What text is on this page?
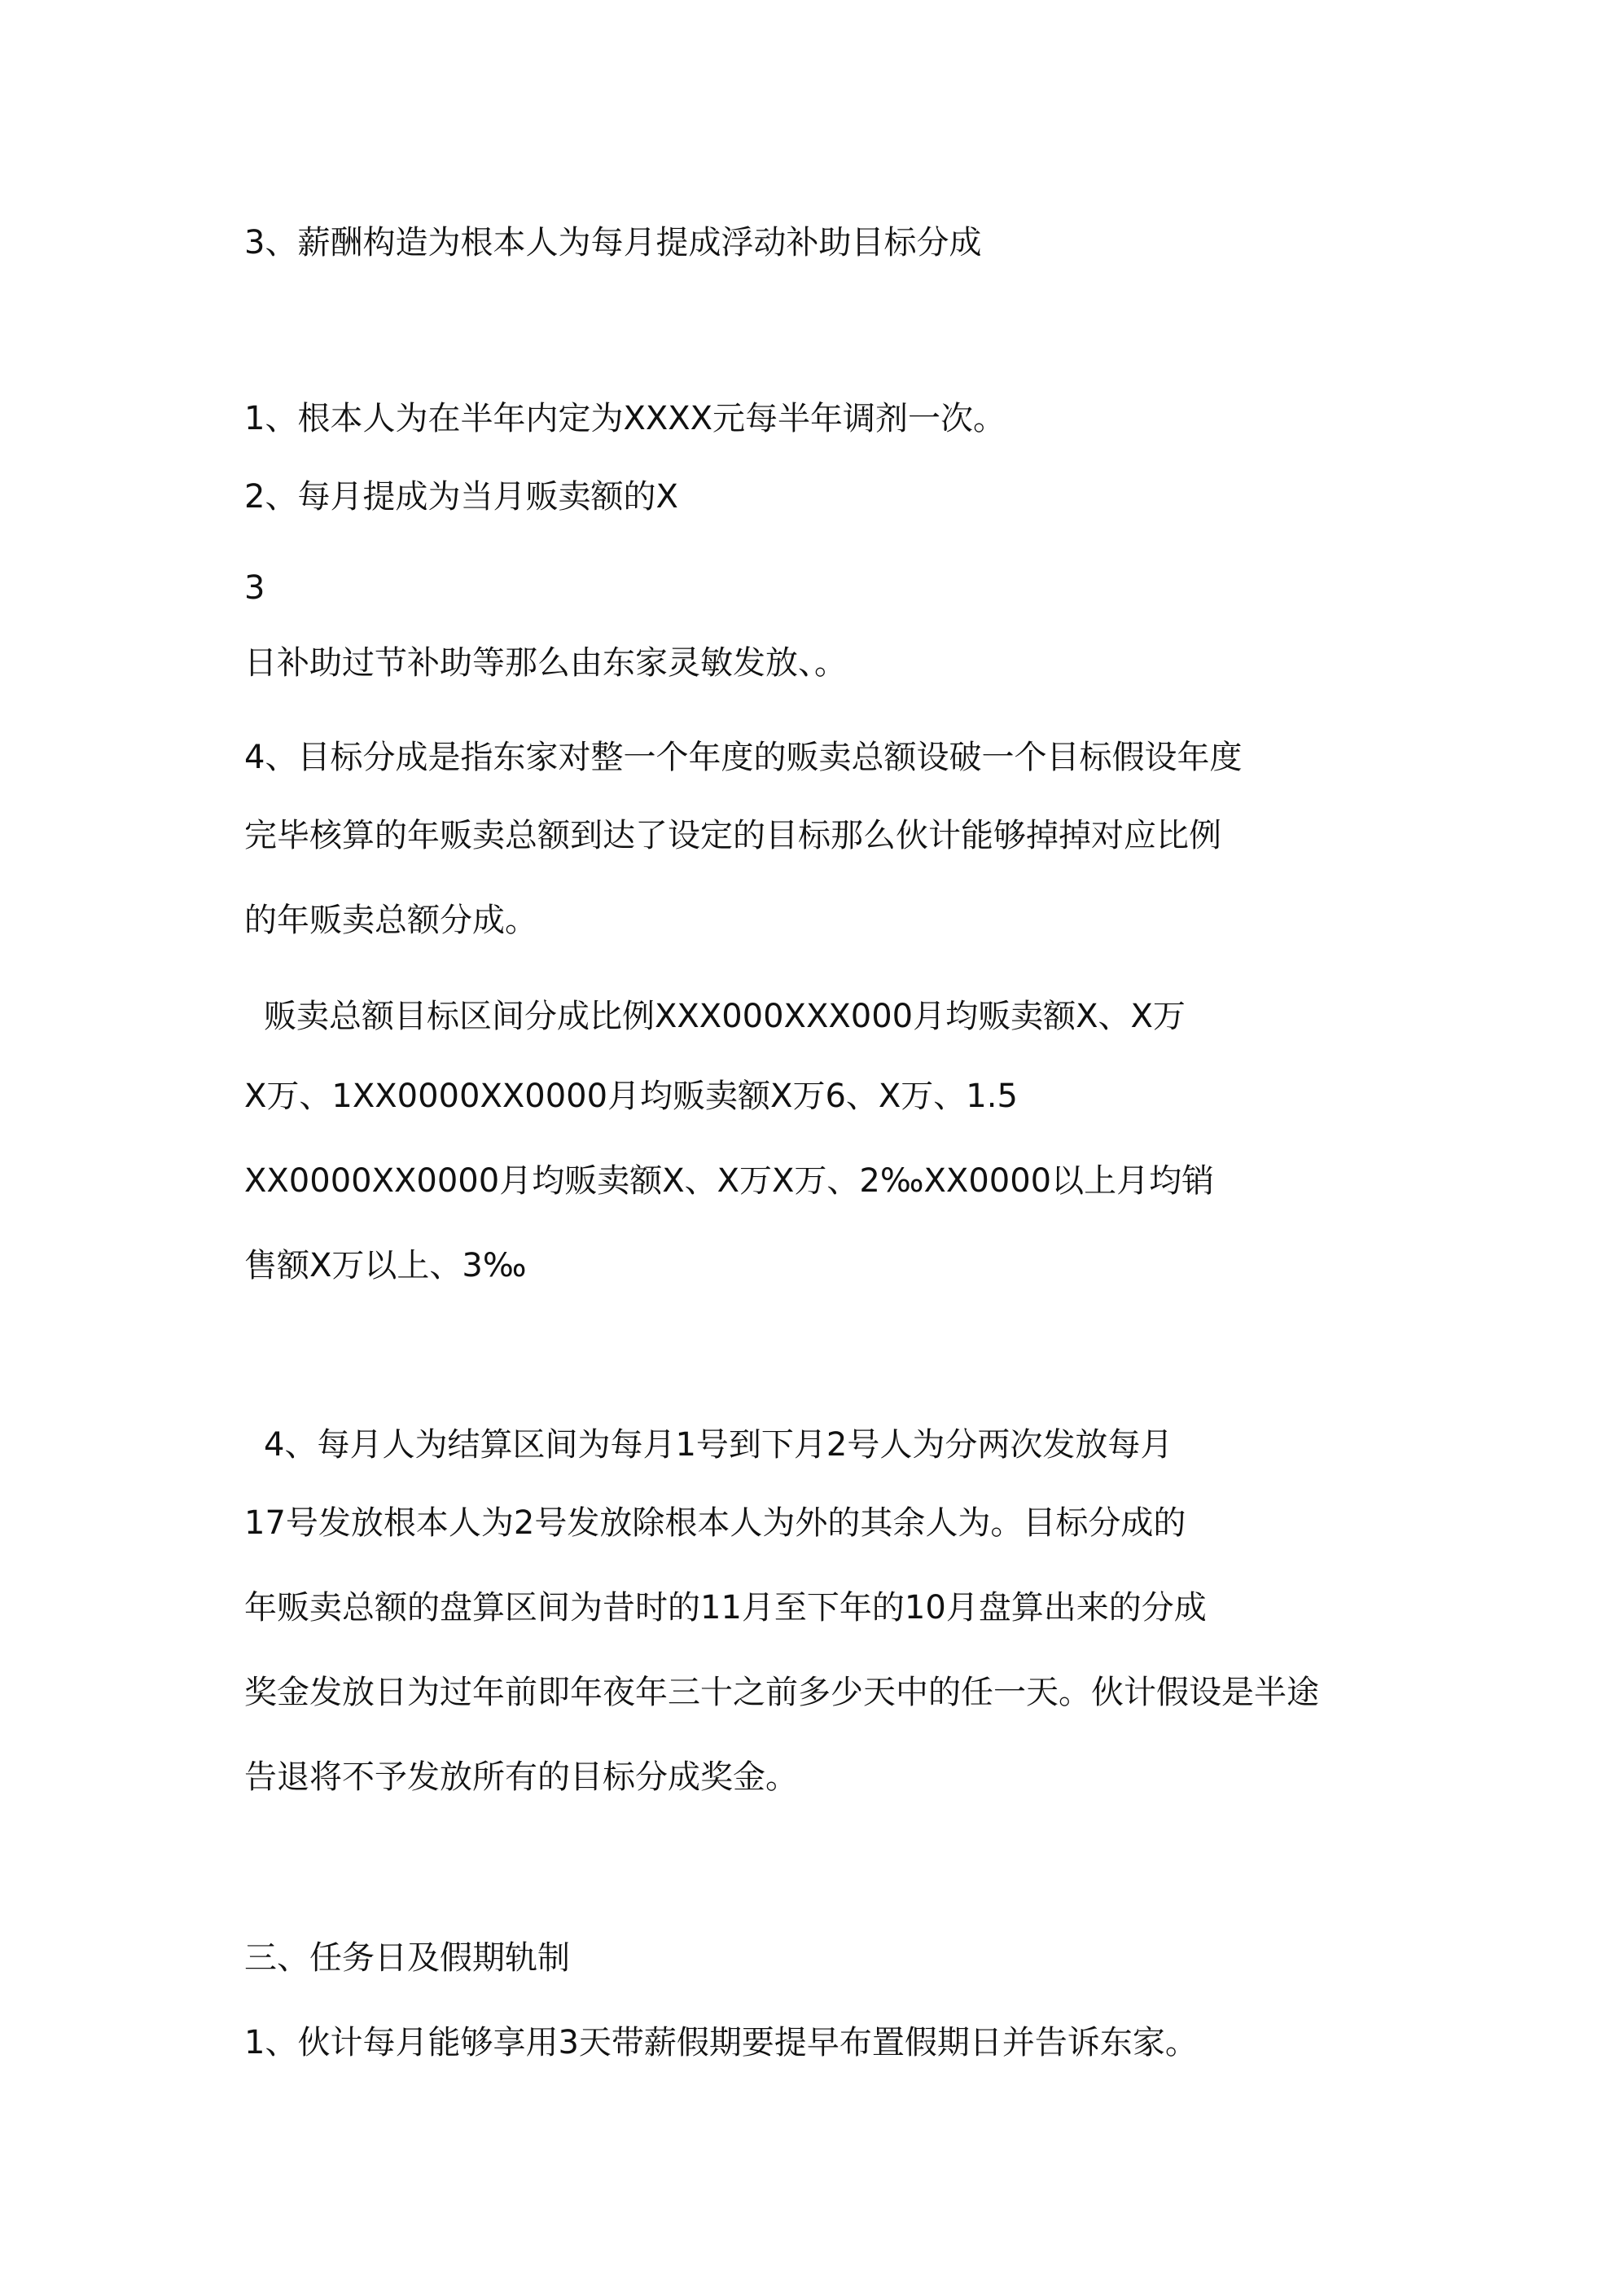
3、薪酬构造为根本人为每月提成浮动补助目标分成

1、根本人为在半年内定为XXXX元每半年调剂一次。

2、每月提成为当月贩卖额的X

3

日补助过节补助等那么由东家灵敏发放、。

4、目标分成是指东家对整一个年度的贩卖总额设破一个目标假设年度

完毕核算的年贩卖总额到达了设定的目标那么伙计能够掉掉对应比例

的年贩卖总额分成。

贩卖总额目标区间分成比例XXX000XXX000月均贩卖额X、X万

X万、1XX0000XX0000月均贩卖额X万6、X万、1.5

XX0000XX0000月均贩卖额X、X万X万、2‰XX0000以上月均销

售额X万以上、3‰

4、每月人为结算区间为每月1号到下月2号人为分两次发放每月

17号发放根本人为2号发放除根本人为外的其余人为。目标分成的

年贩卖总额的盘算区间为昔时的11月至下年的10月盘算出来的分成

奖金发放日为过年前即年夜年三十之前多少天中的任一天。伙计假设是半途

告退将不予发放所有的目标分成奖金。

三、任务日及假期轨制

1、伙计每月能够享用3天带薪假期要提早布置假期日并告诉东家。
